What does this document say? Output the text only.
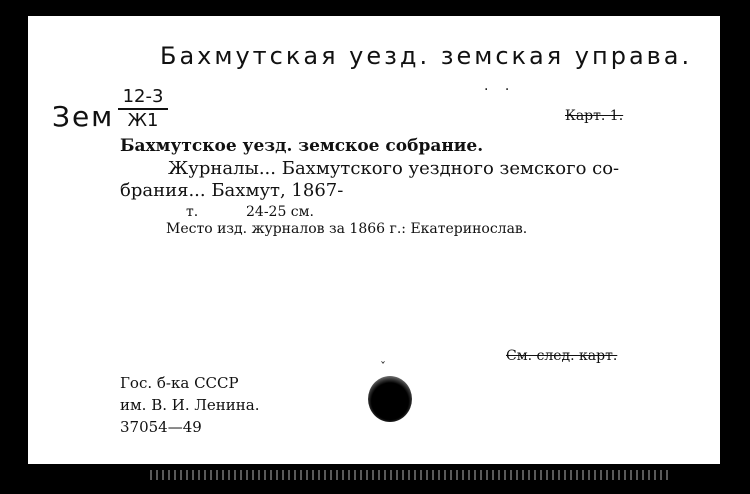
Бахмутская уезд. земская управа.
. .
Зем
12-3
Ж1	Карт. 1.
Бахмутское уезд. земское собрание.
Журналы... Бахмутского уездного земского со-
брания... Бахмут, 1867-
т.	24-25 см.
Место изд. журналов за 1866 г.: Екатеринослав.
См. след. карт.
Гос. б-ка СССР
им. В. И. Ленина.
37054—49
ˇ
